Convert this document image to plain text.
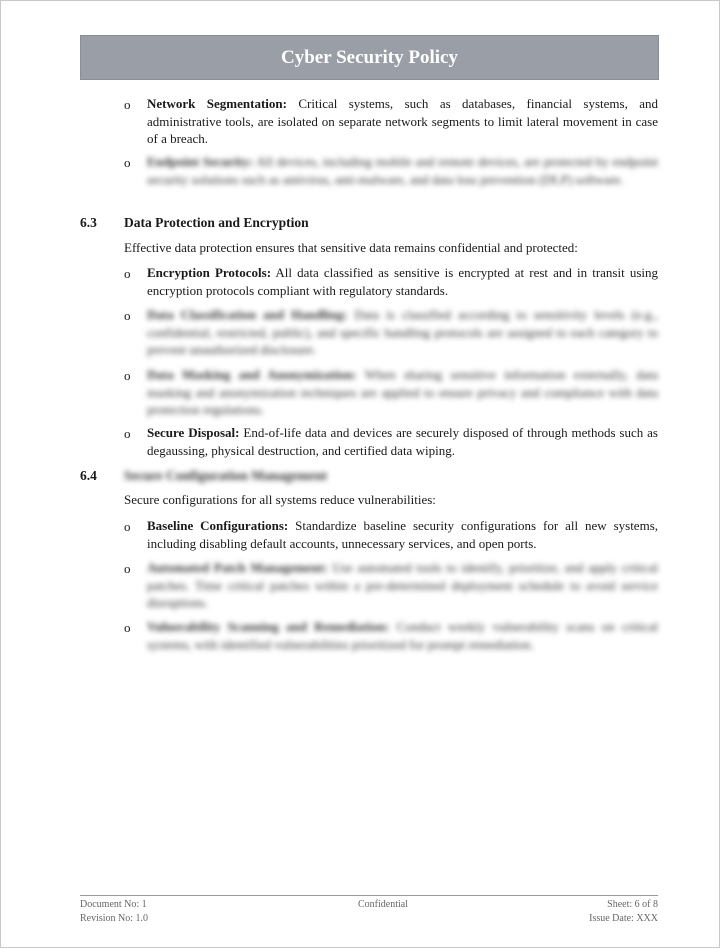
Cyber Security Policy
o Network Segmentation: Critical systems, such as databases, financial systems, and administrative tools, are isolated on separate network segments to limit lateral movement in case of a breach.
o Endpoint Security: All devices, including mobile and remote devices, are protected by endpoint security solutions such as antivirus, anti-malware, and data loss prevention (DLP) software.
6.3 Data Protection and Encryption
Effective data protection ensures that sensitive data remains confidential and protected:
o Encryption Protocols: All data classified as sensitive is encrypted at rest and in transit using encryption protocols compliant with regulatory standards.
o Data Classification and Handling: Data is classified according to sensitivity levels (e.g., confidential, restricted, public), and specific handling protocols are assigned to each category to prevent unauthorized disclosure.
o Data Masking and Anonymization: When sharing sensitive information externally, data masking and anonymization techniques are applied to ensure privacy and compliance with data protection regulations.
o Secure Disposal: End-of-life data and devices are securely disposed of through methods such as degaussing, physical destruction, and certified data wiping.
6.4 Secure Configuration Management
Secure configurations for all systems reduce vulnerabilities:
o Baseline Configurations: Standardize baseline security configurations for all new systems, including disabling default accounts, unnecessary services, and open ports.
o Automated Patch Management: Use automated tools to identify, prioritize, and apply critical patches. Time critical patches within a pre-determined deployment schedule to avoid service disruptions.
o Vulnerability Scanning and Remediation: Conduct weekly vulnerability scans on critical systems, with identified vulnerabilities prioritized for prompt remediation.
Document No: 1
Revision No: 1.0
Confidential	Sheet: 6 of 8
Issue Date: XXX
